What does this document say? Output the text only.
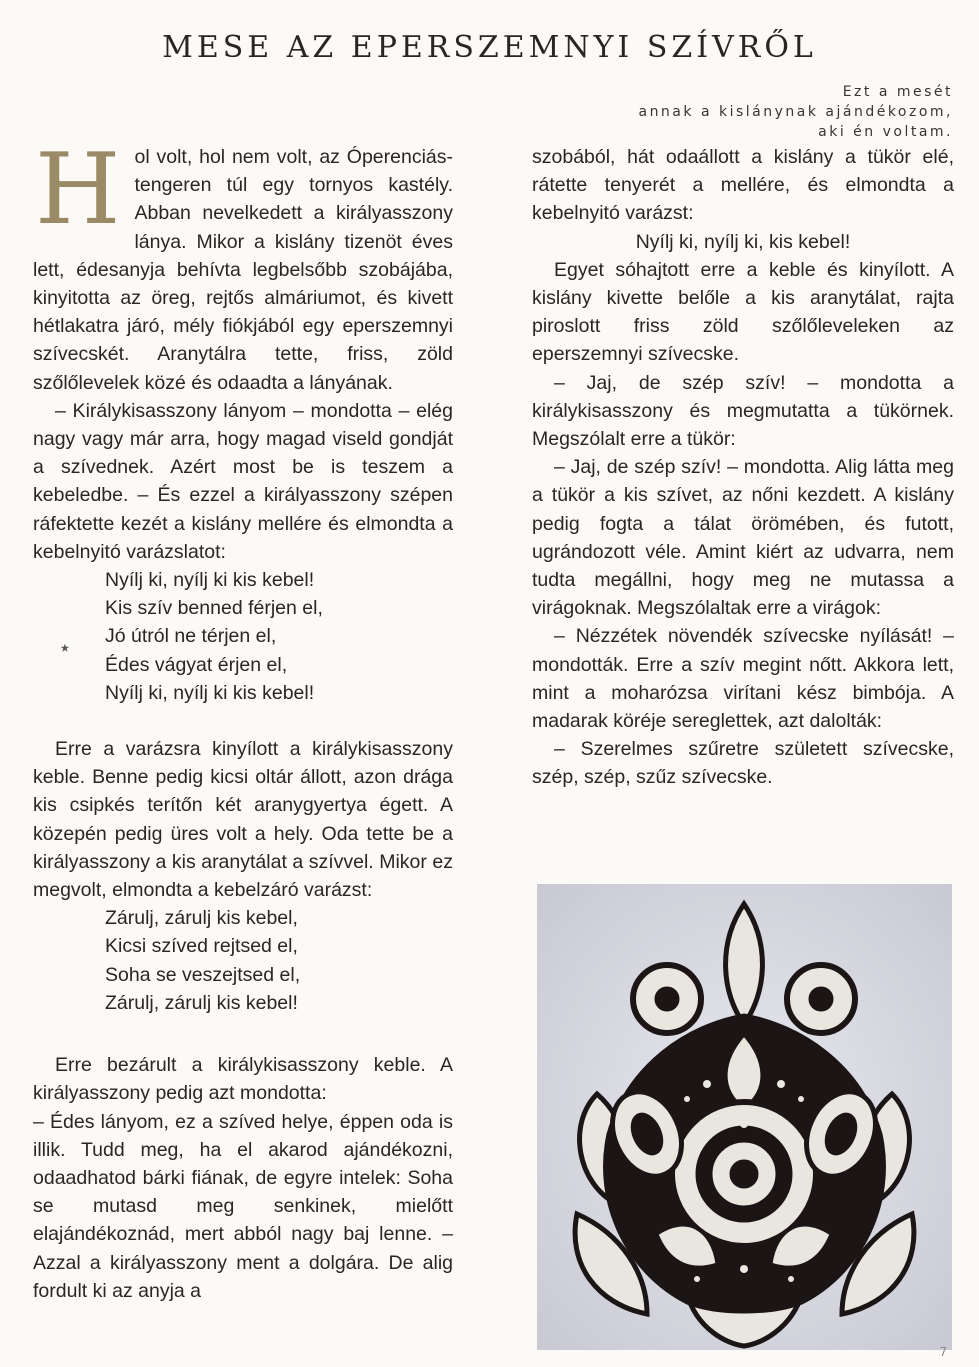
MESE AZ EPERSZEMNYI SZÍVRŐL
Ezt a mesét
annak a kislánynak ajándékozom,
aki én voltam.
H ol volt, hol nem volt, az Óperenciás-tengeren túl egy tornyos kastély. Abban nevelkedett a királyasszony lánya. Mikor a kislány tizenöt éves lett, édesanyja behívta legbelsőbb szobájába, kinyitotta az öreg, rejtős almáriumot, és kivett hétlakatra járó, mély fiókjából egy eperszemnyi szívecskét. Aranytálra tette, friss, zöld szőlőlevelek közé és odaadta a lányának.

– Királykisasszony lányom – mondotta – elég nagy vagy már arra, hogy magad viseld gondját a szívednek. Azért most be is teszem a kebeledbe. – És ezzel a királyasszony szépen ráfektette kezét a kislány mellére és elmondta a kebelnyitó varázslatot:

Nyílj ki, nyílj ki kis kebel!
Kis szív benned férjen el,
Jó útról ne térjen el,
Édes vágyat érjen el,
Nyílj ki, nyílj ki kis kebel!

Erre a varázsra kinyílott a királykisasszony keble. Benne pedig kicsi oltár állott, azon drága kis csipkés terítőn két aranygyertya égett. A közepén pedig üres volt a hely. Oda tette be a királyasszony a kis aranytálat a szívvel. Mikor ez megvolt, elmondta a kebelzáró varázst:

Zárulj, zárulj kis kebel,
Kicsi szíved rejtsed el,
Soha se veszejtsed el,
Zárulj, zárulj kis kebel!

Erre bezárult a királykisasszony keble. A királyasszony pedig azt mondotta:

– Édes lányom, ez a szíved helye, éppen oda is illik. Tudd meg, ha el akarod ajándékozni, odaadhatod bárki fiának, de egyre intelek: Soha se mutasd meg senkinek, mielőtt elajándékoznád, mert abból nagy baj lenne. – Azzal a királyasszony ment a dolgára. De alig fordult ki az anyja a

szobából, hát odaállott a kislány a tükör elé, rátette tenyerét a mellére, és elmondta a kebelnyitó varázst:

Nyílj ki, nyílj ki, kis kebel!

Egyet sóhajtott erre a keble és kinyílott. A kislány kivette belőle a kis aranytálat, rajta piroslott friss zöld szőlőleveleken az eperszemnyi szívecske.

– Jaj, de szép szív! – mondotta a királykisasszony és megmutatta a tükörnek. Megszólalt erre a tükör:

– Jaj, de szép szív! – mondotta. Alig látta meg a tükör a kis szívet, az nőni kezdett. A kislány pedig fogta a tálat örömében, és futott, ugrándozott véle. Amint kiért az udvarra, nem tudta megállni, hogy meg ne mutassa a virágoknak. Megszólaltak erre a virágok:

– Nézzétek növendék szívecske nyílását! – mondották. Erre a szív megint nőtt. Akkora lett, mint a moharózsa virítani kész bimbója. A madarak köréje sereglettek, azt dalolták:

– Szerelmes szűretre született szívecske, szép, szép, szűz szívecske.

⋆
7
